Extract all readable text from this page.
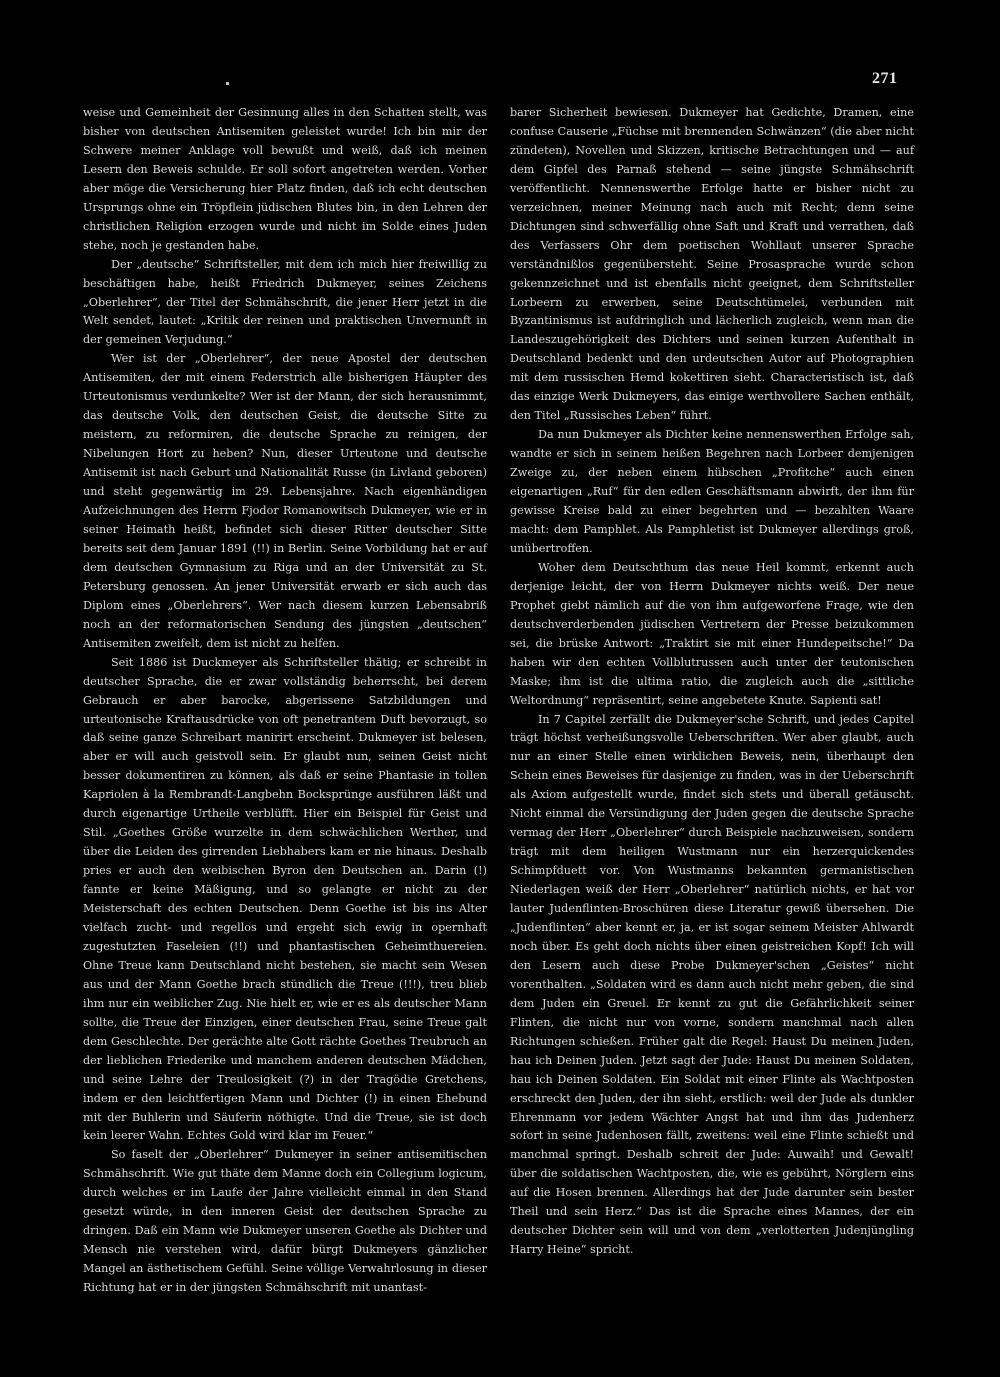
271

weise und Gemeinheit der Gesinnung alles in den Schatten stellt, was bisher von deutschen Antisemiten geleistet wurde! Ich bin mir der Schwere meiner Anklage voll bewußt und weiß, daß ich meinen Lesern den Beweis schulde. Er soll sofort angetreten werden. Vorher aber möge die Versicherung hier Platz finden, daß ich echt deutschen Ursprungs ohne ein Tröpflein jüdischen Blutes bin, in den Lehren der christlichen Religion erzogen wurde und nicht im Solde eines Juden stehe, noch je gestanden habe.

Der „deutsche“ Schriftsteller, mit dem ich mich hier freiwillig zu beschäftigen habe, heißt Friedrich Dukmeyer, seines Zeichens „Oberlehrer“, der Titel der Schmähschrift, die jener Herr jetzt in die Welt sendet, lautet: „Kritik der reinen und praktischen Unvernunft in der gemeinen Verjudung.“

Wer ist der „Oberlehrer“, der neue Apostel der deutschen Antisemiten, der mit einem Federstrich alle bisherigen Häupter des Urteutonismus verdunkelte? Wer ist der Mann, der sich herausnimmt, das deutsche Volk, den deutschen Geist, die deutsche Sitte zu meistern, zu reformiren, die deutsche Sprache zu reinigen, der Nibelungen Hort zu heben? Nun, dieser Urteutone und deutsche Antisemit ist nach Geburt und Nationalität Russe (in Livland geboren) und steht gegenwärtig im 29. Lebensjahre. Nach eigenhändigen Aufzeichnungen des Herrn Fjodor Romanowitsch Dukmeyer, wie er in seiner Heimath heißt, befindet sich dieser Ritter deutscher Sitte bereits seit dem Januar 1891 (!!) in Berlin. Seine Vorbildung hat er auf dem deutschen Gymnasium zu Riga und an der Universität zu St. Petersburg genossen. An jener Universität erwarb er sich auch das Diplom eines „Oberlehrers“. Wer nach diesem kurzen Lebensabriß noch an der reformatorischen Sendung des jüngsten „deutschen“ Antisemiten zweifelt, dem ist nicht zu helfen.

Seit 1886 ist Duckmeyer als Schriftsteller thätig; er schreibt in deutscher Sprache, die er zwar vollständig beherrscht, bei derem Gebrauch er aber barocke, abgerissene Satzbildungen und urteutonische Kraftausdrücke von oft penetrantem Duft bevorzugt, so daß seine ganze Schreibart manirirt erscheint. Dukmeyer ist belesen, aber er will auch geistvoll sein. Er glaubt nun, seinen Geist nicht besser dokumentiren zu können, als daß er seine Phantasie in tollen Kapriolen à la Rembrandt-Langbehn Bocksprünge ausführen läßt und durch eigenartige Urtheile verblüfft. Hier ein Beispiel für Geist und Stil. „Goethes Größe wurzelte in dem schwächlichen Werther, und über die Leiden des girrenden Liebhabers kam er nie hinaus. Deshalb pries er auch den weibischen Byron den Deutschen an. Darin (!) fannte er keine Mäßigung, und so gelangte er nicht zu der Meisterschaft des echten Deutschen. Denn Goethe ist bis ins Alter vielfach zucht- und regellos und ergeht sich ewig in opernhaft zugestutzten Faseleien (!!) und phantastischen Geheimthuereien. Ohne Treue kann Deutschland nicht bestehen, sie macht sein Wesen aus und der Mann Goethe brach stündlich die Treue (!!!), treu blieb ihm nur ein weiblicher Zug. Nie hielt er, wie er es als deutscher Mann sollte, die Treue der Einzigen, einer deutschen Frau, seine Treue galt dem Geschlechte. Der gerächte alte Gott rächte Goethes Treubruch an der lieblichen Friederike und manchem anderen deutschen Mädchen, und seine Lehre der Treulosigkeit (?) in der Tragödie Gretchens, indem er den leichtfertigen Mann und Dichter (!) in einen Ehebund mit der Buhlerin und Säuferin nöthigte. Und die Treue, sie ist doch kein leerer Wahn. Echtes Gold wird klar im Feuer.“

So faselt der „Oberlehrer“ Dukmeyer in seiner antisemitischen Schmähschrift. Wie gut thäte dem Manne doch ein Collegium logicum, durch welches er im Laufe der Jahre vielleicht einmal in den Stand gesetzt würde, in den inneren Geist der deutschen Sprache zu dringen. Daß ein Mann wie Dukmeyer unseren Goethe als Dichter und Mensch nie verstehen wird, dafür bürgt Dukmeyers gänzlicher Mangel an ästhetischem Gefühl. Seine völlige Verwahrlosung in dieser Richtung hat er in der jüngsten Schmähschrift mit unantast-

barer Sicherheit bewiesen. Dukmeyer hat Gedichte, Dramen, eine confuse Causerie „Füchse mit brennenden Schwänzen“ (die aber nicht zündeten), Novellen und Skizzen, kritische Betrachtungen und — auf dem Gipfel des Parnaß stehend — seine jüngste Schmähschrift veröffentlicht. Nennenswerthe Erfolge hatte er bisher nicht zu verzeichnen, meiner Meinung nach auch mit Recht; denn seine Dichtungen sind schwerfällig ohne Saft und Kraft und verrathen, daß des Verfassers Ohr dem poetischen Wohllaut unserer Sprache verständnißlos gegenübersteht. Seine Prosasprache wurde schon gekennzeichnet und ist ebenfalls nicht geeignet, dem Schriftsteller Lorbeern zu erwerben, seine Deutschtümelei, verbunden mit Byzantinismus ist aufdringlich und lächerlich zugleich, wenn man die Landeszugehörigkeit des Dichters und seinen kurzen Aufenthalt in Deutschland bedenkt und den urdeutschen Autor auf Photographien mit dem russischen Hemd kokettiren sieht. Characteristisch ist, daß das einzige Werk Dukmeyers, das einige werthvollere Sachen enthält, den Titel „Russisches Leben“ führt.

Da nun Dukmeyer als Dichter keine nennenswerthen Erfolge sah, wandte er sich in seinem heißen Begehren nach Lorbeer demjenigen Zweige zu, der neben einem hübschen „Profitche“ auch einen eigenartigen „Ruf“ für den edlen Geschäftsmann abwirft, der ihm für gewisse Kreise bald zu einer begehrten und — bezahlten Waare macht: dem Pamphlet. Als Pamphletist ist Dukmeyer allerdings groß, unübertroffen.

Woher dem Deutschthum das neue Heil kommt, erkennt auch derjenige leicht, der von Herrn Dukmeyer nichts weiß. Der neue Prophet giebt nämlich auf die von ihm aufgeworfene Frage, wie den deutschverderbenden jüdischen Vertretern der Presse beizukommen sei, die brüske Antwort: „Traktirt sie mit einer Hundepeitsche!“ Da haben wir den echten Vollblutrussen auch unter der teutonischen Maske; ihm ist die ultima ratio, die zugleich auch die „sittliche Weltordnung“ repräsentirt, seine angebetete Knute. Sapienti sat!

In 7 Capitel zerfällt die Dukmeyer'sche Schrift, und jedes Capitel trägt höchst verheißungsvolle Ueberschriften. Wer aber glaubt, auch nur an einer Stelle einen wirklichen Beweis, nein, überhaupt den Schein eines Beweises für dasjenige zu finden, was in der Ueberschrift als Axiom aufgestellt wurde, findet sich stets und überall getäuscht. Nicht einmal die Versündigung der Juden gegen die deutsche Sprache vermag der Herr „Oberlehrer“ durch Beispiele nachzuweisen, sondern trägt mit dem heiligen Wustmann nur ein herzerquickendes Schimpfduett vor. Von Wustmanns bekannten germanistischen Niederlagen weiß der Herr „Oberlehrer“ natürlich nichts, er hat vor lauter Judenflinten-Broschüren diese Literatur gewiß übersehen. Die „Judenflinten“ aber kennt er, ja, er ist sogar seinem Meister Ahlwardt noch über. Es geht doch nichts über einen geistreichen Kopf! Ich will den Lesern auch diese Probe Dukmeyer'schen „Geistes“ nicht vorenthalten. „Soldaten wird es dann auch nicht mehr geben, die sind dem Juden ein Greuel. Er kennt zu gut die Gefährlichkeit seiner Flinten, die nicht nur von vorne, sondern manchmal nach allen Richtungen schießen. Früher galt die Regel: Haust Du meinen Juden, hau ich Deinen Juden. Jetzt sagt der Jude: Haust Du meinen Soldaten, hau ich Deinen Soldaten. Ein Soldat mit einer Flinte als Wachtposten erschreckt den Juden, der ihn sieht, erstlich: weil der Jude als dunkler Ehrenmann vor jedem Wächter Angst hat und ihm das Judenherz sofort in seine Judenhosen fällt, zweitens: weil eine Flinte schießt und manchmal springt. Deshalb schreit der Jude: Auwaih! und Gewalt! über die soldatischen Wachtposten, die, wie es gebührt, Nörglern eins auf die Hosen brennen. Allerdings hat der Jude darunter sein bester Theil und sein Herz.“ Das ist die Sprache eines Mannes, der ein deutscher Dichter sein will und von dem „verlotterten Judenjüngling Harry Heine“ spricht.
